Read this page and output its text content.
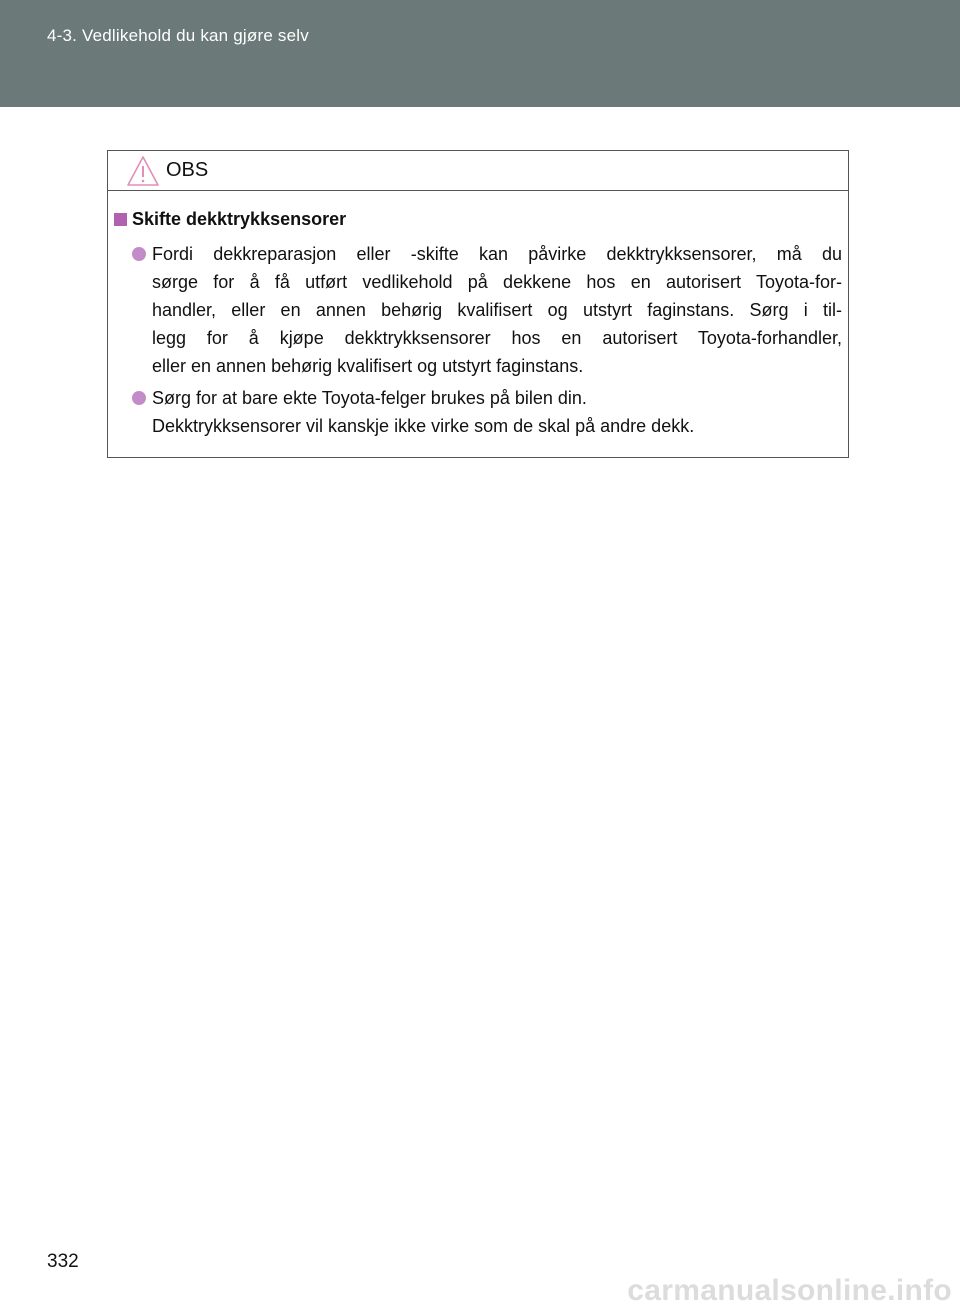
4-3. Vedlikehold du kan gjøre selv
OBS
Skifte dekktrykksensorer
Fordi dekkreparasjon eller -skifte kan påvirke dekktrykksensorer, må du
sørge for å få utført vedlikehold på dekkene hos en autorisert Toyota-for-
handler, eller en annen behørig kvalifisert og utstyrt faginstans. Sørg i til-
legg for å kjøpe dekktrykksensorer hos en autorisert Toyota-forhandler,
eller en annen behørig kvalifisert og utstyrt faginstans.
Sørg for at bare ekte Toyota-felger brukes på bilen din.
Dekktrykksensorer vil kanskje ikke virke som de skal på andre dekk.
332
carmanualsonline.info
